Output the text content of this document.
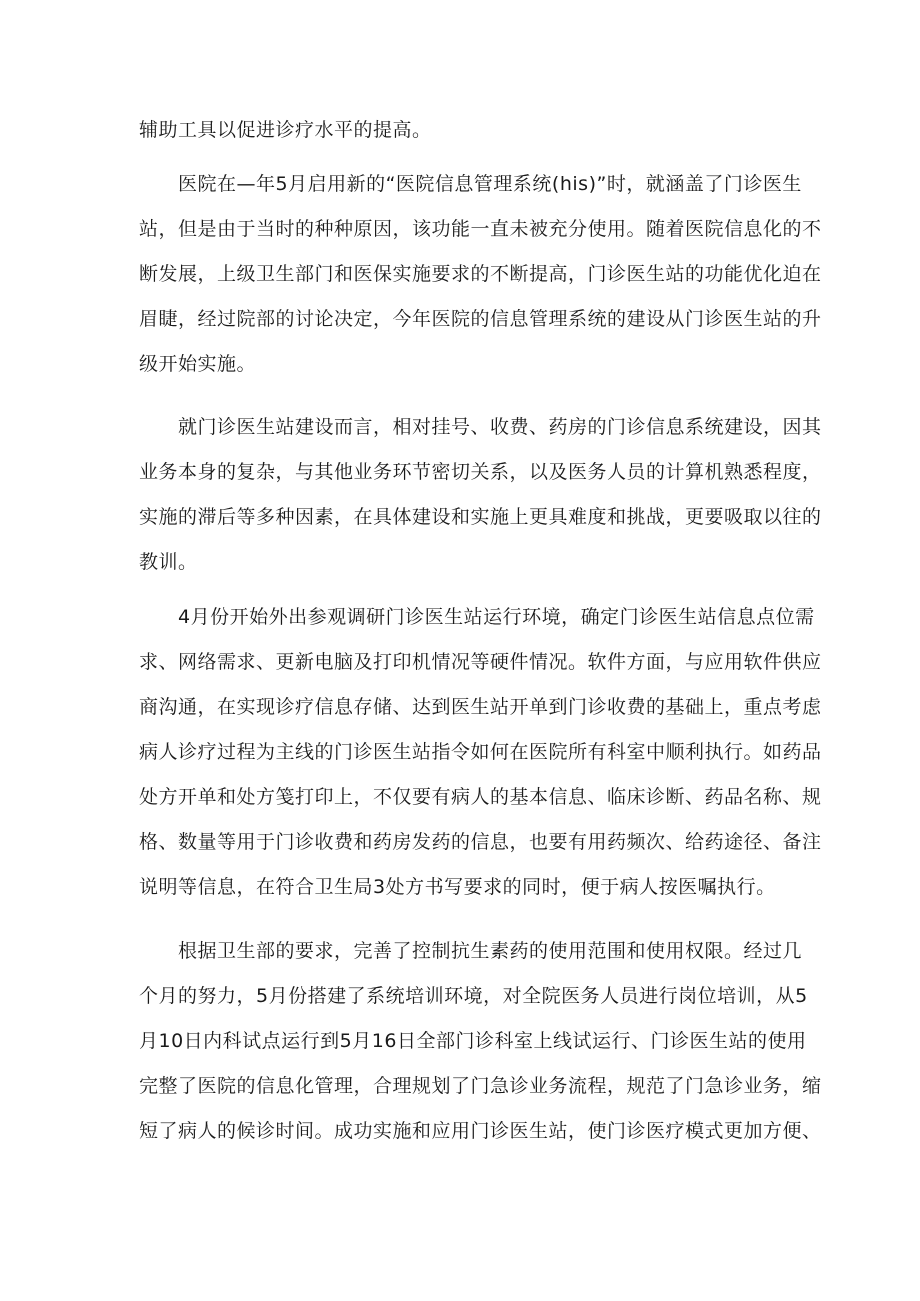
辅助工具以促进诊疗水平的提高。
医院在—年5月启用新的“医院信息管理系统(his)”时，就涵盖了门诊医生
站，但是由于当时的种种原因，该功能一直未被充分使用。随着医院信息化的不
断发展，上级卫生部门和医保实施要求的不断提高，门诊医生站的功能优化迫在
眉睫，经过院部的讨论决定，今年医院的信息管理系统的建设从门诊医生站的升
级开始实施。
就门诊医生站建设而言，相对挂号、收费、药房的门诊信息系统建设，因其
业务本身的复杂，与其他业务环节密切关系，以及医务人员的计算机熟悉程度，
实施的滞后等多种因素，在具体建设和实施上更具难度和挑战，更要吸取以往的
教训。
4月份开始外出参观调研门诊医生站运行环境，确定门诊医生站信息点位需
求、网络需求、更新电脑及打印机情况等硬件情况。软件方面，与应用软件供应
商沟通，在实现诊疗信息存储、达到医生站开单到门诊收费的基础上，重点考虑
病人诊疗过程为主线的门诊医生站指令如何在医院所有科室中顺利执行。如药品
处方开单和处方笺打印上，不仅要有病人的基本信息、临床诊断、药品名称、规
格、数量等用于门诊收费和药房发药的信息，也要有用药频次、给药途径、备注
说明等信息，在符合卫生局3处方书写要求的同时，便于病人按医嘱执行。
根据卫生部的要求，完善了控制抗生素药的使用范围和使用权限。经过几
个月的努力，5月份搭建了系统培训环境，对全院医务人员进行岗位培训，从5
月10日内科试点运行到5月16日全部门诊科室上线试运行、门诊医生站的使用
完整了医院的信息化管理，合理规划了门急诊业务流程，规范了门急诊业务，缩
短了病人的候诊时间。成功实施和应用门诊医生站，使门诊医疗模式更加方便、
